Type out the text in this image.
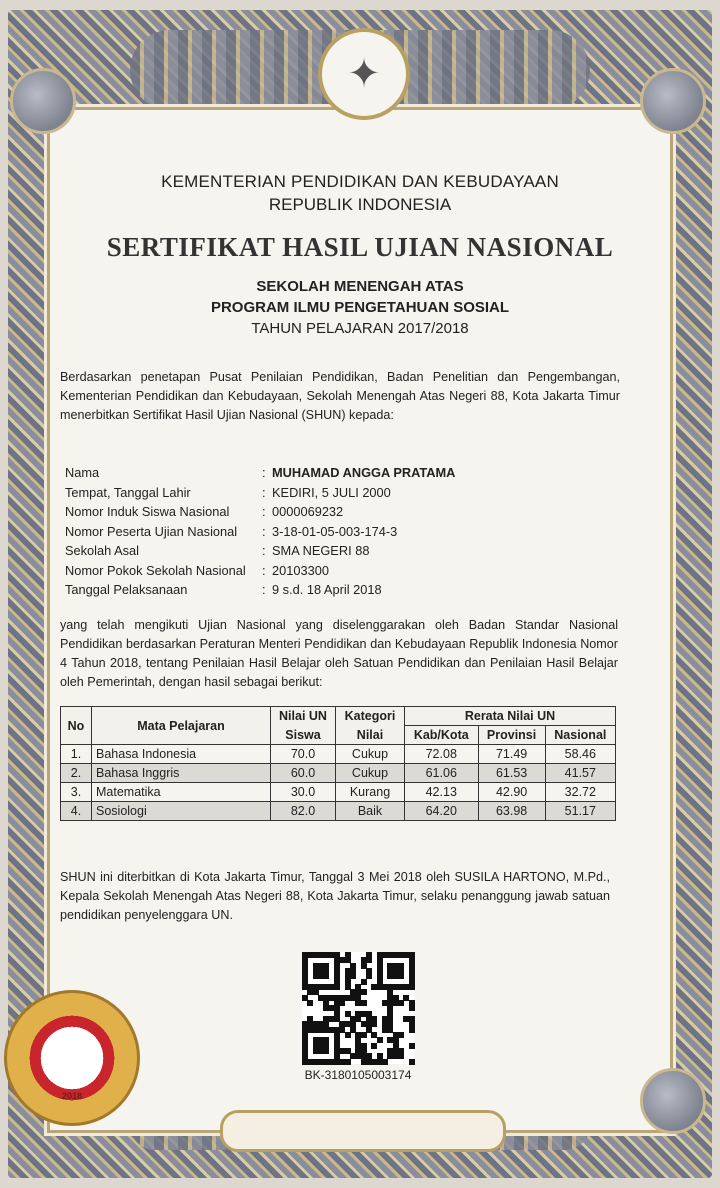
✦
2018
KEMENTERIAN PENDIDIKAN DAN KEBUDAYAAN
REPUBLIK INDONESIA
SERTIFIKAT HASIL UJIAN NASIONAL
SEKOLAH MENENGAH ATAS
PROGRAM ILMU PENGETAHUAN SOSIAL
TAHUN PELAJARAN 2017/2018
Berdasarkan penetapan Pusat Penilaian Pendidikan, Badan Penelitian dan Pengembangan, Kementerian Pendidikan dan Kebudayaan, Sekolah Menengah Atas Negeri 88, Kota Jakarta Timur menerbitkan Sertifikat Hasil Ujian Nasional (SHUN) kepada:
Nama	: MUHAMAD ANGGA PRATAMA
Tempat, Tanggal Lahir	: KEDIRI, 5 JULI 2000
Nomor Induk Siswa Nasional	: 0000069232
Nomor Peserta Ujian Nasional	: 3-18-01-05-003-174-3
Sekolah Asal	: SMA NEGERI 88
Nomor Pokok Sekolah Nasional	: 20103300
Tanggal Pelaksanaan	: 9 s.d. 18 April 2018
yang telah mengikuti Ujian Nasional yang diselenggarakan oleh Badan Standar Nasional Pendidikan berdasarkan Peraturan Menteri Pendidikan dan Kebudayaan Republik Indonesia Nomor 4 Tahun 2018, tentang Penilaian Hasil Belajar oleh Satuan Pendidikan dan Penilaian Hasil Belajar oleh Pemerintah, dengan hasil sebagai berikut:
No	Mata Pelajaran	Nilai UN	Kategori	Rerata Nilai UN		
		Siswa	Nilai	Kab/Kota	Provinsi	Nasional
1.	Bahasa Indonesia	70.0	Cukup	72.08	71.49	58.46
2.	Bahasa Inggris	60.0	Cukup	61.06	61.53	41.57
3.	Matematika	30.0	Kurang	42.13	42.90	32.72
4.	Sosiologi	82.0	Baik	64.20	63.98	51.17
SHUN ini diterbitkan di Kota Jakarta Timur, Tanggal 3 Mei 2018 oleh SUSILA HARTONO, M.Pd., Kepala Sekolah Menengah Atas Negeri 88, Kota Jakarta Timur, selaku penanggung jawab satuan pendidikan penyelenggara UN.
BK-3180105003174
